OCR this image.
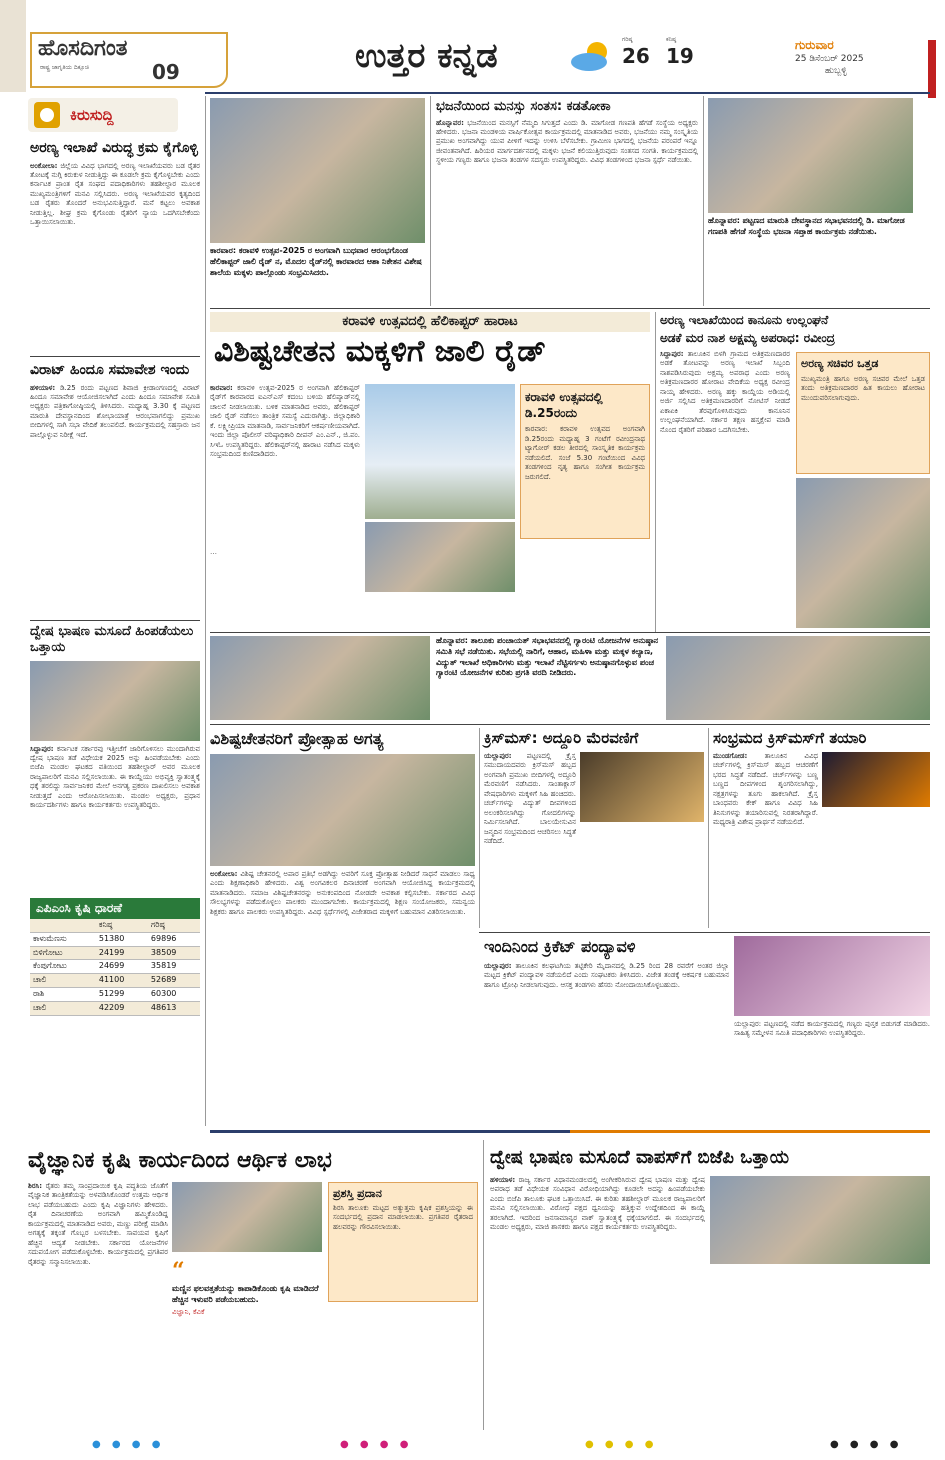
ಹೊಸದಿಗಂತ
ರಾಷ್ಟ್ರ ಜಾಗೃತಿಯ ದಿಕ್ಸೂಚಿ	09	ಉತ್ತರ ಕನ್ನಡ	ಗರಿಷ್ಠ
26
ಕನಿಷ್ಠ
19	ಗುರುವಾರ
25 ಡಿಸೆಂಬರ್ 2025
ಹುಬ್ಬಳ್ಳಿ
ಕಿರುಸುದ್ದಿ
ಅರಣ್ಯ ಇಲಾಖೆ ವಿರುದ್ಧ ಕ್ರಮ ಕೈಗೊಳ್ಳಿ
ಅಂಕೋಲಾ: ಜಿಲ್ಲೆಯ ವಿವಿಧ ಭಾಗದಲ್ಲಿ ಅರಣ್ಯ ಇಲಾಖೆಯವರು ಬಡ ರೈತರ ತೋಟಕ್ಕೆ ನುಗ್ಗಿ ಕಿರುಕುಳ ನೀಡುತ್ತಿದ್ದು ಈ ಕೂಡಲೇ ಕ್ರಮ ಕೈಗೊಳ್ಳಬೇಕು ಎಂದು ಕರ್ನಾಟಕ ಪ್ರಾಂತ ರೈತ ಸಂಘದ ಪದಾಧಿಕಾರಿಗಳು ತಹಶೀಲ್ದಾರ ಮೂಲಕ ಮುಖ್ಯಮಂತ್ರಿಗಳಿಗೆ ಮನವಿ ಸಲ್ಲಿಸಿದರು. ಅರಣ್ಯ ಇಲಾಖೆಯವರ ಕೃತ್ಯದಿಂದ ಬಡ ರೈತರು ತೊಂದರೆ ಅನುಭವಿಸುತ್ತಿದ್ದಾರೆ. ಮನೆ ಕಟ್ಟಲು ಅವಕಾಶ ನೀಡುತ್ತಿಲ್ಲ. ಶೀಘ್ರ ಕ್ರಮ ಕೈಗೊಂಡು ರೈತರಿಗೆ ನ್ಯಾಯ ಒದಗಿಸಬೇಕೆಂದು ಒತ್ತಾಯಿಸಲಾಯಿತು.
ವಿರಾಟ್ ಹಿಂದೂ ಸಮಾವೇಶ ಇಂದು
ಹಳಿಯಾಳ: ಡಿ.25 ರಂದು ಪಟ್ಟಣದ ಶಿವಾಜಿ ಕ್ರೀಡಾಂಗಣದಲ್ಲಿ ವಿರಾಟ್ ಹಿಂದೂ ಸಮಾವೇಶ ಆಯೋಜಿಸಲಾಗಿದೆ ಎಂದು ಹಿಂದೂ ಸಮಾವೇಶ ಸಮಿತಿ ಅಧ್ಯಕ್ಷರು ಪತ್ರಿಕಾಗೋಷ್ಠಿಯಲ್ಲಿ ತಿಳಿಸಿದರು. ಮಧ್ಯಾಹ್ನ 3.30 ಕ್ಕೆ ಪಟ್ಟಣದ ಮಾರುತಿ ದೇವಸ್ಥಾನದಿಂದ ಶೋಭಾಯಾತ್ರೆ ಆರಂಭವಾಗಲಿದ್ದು ಪ್ರಮುಖ ಬೀದಿಗಳಲ್ಲಿ ಸಾಗಿ ಸಭಾ ವೇದಿಕೆ ತಲುಪಲಿದೆ. ಕಾರ್ಯಕ್ರಮದಲ್ಲಿ ಸಹಸ್ರಾರು ಜನ ಪಾಲ್ಗೊಳ್ಳುವ ನಿರೀಕ್ಷೆ ಇದೆ.
ದ್ವೇಷ ಭಾಷಣ ಮಸೂದೆ ಹಿಂಪಡೆಯಲು ಒತ್ತಾಯ
ಸಿದ್ದಾಪುರ: ಕರ್ನಾಟಕ ಸರ್ಕಾರವು ಇತ್ತೀಚೆಗೆ ಜಾರಿಗೊಳಿಸಲು ಮುಂದಾಗಿರುವ ದ್ವೇಷ ಭಾಷಣ ತಡೆ ವಿಧೇಯಕ 2025 ಅನ್ನು ಹಿಂಪಡೆಯಬೇಕು ಎಂದು ಬಿಜೆಪಿ ಮಂಡಲ ಘಟಕದ ವತಿಯಿಂದ ತಹಶೀಲ್ದಾರ್ ಅವರ ಮೂಲಕ ರಾಜ್ಯಪಾಲರಿಗೆ ಮನವಿ ಸಲ್ಲಿಸಲಾಯಿತು. ಈ ಕಾಯ್ದೆಯು ಅಭಿವ್ಯಕ್ತಿ ಸ್ವಾತಂತ್ರ್ಯಕ್ಕೆ ಧಕ್ಕೆ ತರಲಿದ್ದು ಸಾರ್ವಜನಿಕರ ಮೇಲೆ ಅನಗತ್ಯ ಪ್ರಕರಣ ದಾಖಲಿಸಲು ಅವಕಾಶ ನೀಡುತ್ತದೆ ಎಂದು ಆರೋಪಿಸಲಾಯಿತು. ಮಂಡಲ ಅಧ್ಯಕ್ಷರು, ಪ್ರಧಾನ ಕಾರ್ಯದರ್ಶಿಗಳು ಹಾಗೂ ಕಾರ್ಯಕರ್ತರು ಉಪಸ್ಥಿತರಿದ್ದರು.
ಎಪಿಎಂಸಿ ಕೃಷಿ ಧಾರಣೆ
	ಕನಿಷ್ಠ	ಗರಿಷ್ಠ
ಕಾಳುಮೆಣಸು	51380	69896
ಬಿಳಿಗೋಟು	24199	38509
ಕೆಂಪುಗೋಟು	24699	35819
ಚಾಲಿ	41100	52689
ರಾಶಿ	51299	60300
ಚಾಲಿ	42209	48613
ಕಾರವಾರ: ಕರಾವಳಿ ಉತ್ಸವ-2025 ರ ಅಂಗವಾಗಿ ಬುಧವಾರ ಆರಂಭಗೊಂಡ ಹೆಲಿಕಾಪ್ಟರ್ ಜಾಲಿ ರೈಡ್ ನ, ಮೊದಲ ರೈಡ್‌ನಲ್ಲಿ ಕಾರವಾರದ ಆಶಾ ನಿಕೇತನ ವಿಶೇಷ ಶಾಲೆಯ ಮಕ್ಕಳು ಪಾಲ್ಗೊಂಡು ಸಂಭ್ರಮಿಸಿದರು.
ಭಜನೆಯಿಂದ ಮನಸ್ಸು ಸಂತಸ: ಕಡತೋಕಾ
ಹೊನ್ನಾವರ: ಭಜನೆಯಿಂದ ಮನಸ್ಸಿಗೆ ನೆಮ್ಮದಿ ಸಿಗುತ್ತದೆ ಎಂದು ಡಿ. ಮಾಗೋಡ ಗಣಪತಿ ಹೆಗಡೆ ಸಂಸ್ಥೆಯ ಅಧ್ಯಕ್ಷರು ಹೇಳಿದರು. ಭಜನಾ ಮಂಡಳಿಯ ವಾರ್ಷಿಕೋತ್ಸವ ಕಾರ್ಯಕ್ರಮದಲ್ಲಿ ಮಾತನಾಡಿದ ಅವರು, ಭಜನೆಯು ನಮ್ಮ ಸಂಸ್ಕೃತಿಯ ಪ್ರಮುಖ ಅಂಗವಾಗಿದ್ದು ಯುವ ಪೀಳಿಗೆ ಇದನ್ನು ಉಳಿಸಿ ಬೆಳೆಸಬೇಕು. ಗ್ರಾಮೀಣ ಭಾಗದಲ್ಲಿ ಭಜನೆಯ ಪರಂಪರೆ ಇನ್ನೂ ಜೀವಂತವಾಗಿದೆ. ಹಿರಿಯರ ಮಾರ್ಗದರ್ಶನದಲ್ಲಿ ಮಕ್ಕಳು ಭಜನೆ ಕಲಿಯುತ್ತಿರುವುದು ಸಂತಸದ ಸಂಗತಿ. ಕಾರ್ಯಕ್ರಮದಲ್ಲಿ ಸ್ಥಳೀಯ ಗಣ್ಯರು ಹಾಗೂ ಭಜನಾ ತಂಡಗಳ ಸದಸ್ಯರು ಉಪಸ್ಥಿತರಿದ್ದರು. ವಿವಿಧ ತಂಡಗಳಿಂದ ಭಜನಾ ಸ್ಪರ್ಧೆ ನಡೆಯಿತು.
ಹೊನ್ನಾವರ: ಪಟ್ಟಣದ ಮಾರುತಿ ದೇವಸ್ಥಾನದ ಸಭಾಭವನದಲ್ಲಿ ಡಿ. ಮಾಗೋಡ ಗಣಪತಿ ಹೆಗಡೆ ಸಂಸ್ಥೆಯ ಭಜನಾ ಸಪ್ತಾಹ ಕಾರ್ಯಕ್ರಮ ನಡೆಯಿತು.
ಕರಾವಳಿ ಉತ್ಸವದಲ್ಲಿ ಹೆಲಿಕಾಪ್ಟರ್ ಹಾರಾಟ
ವಿಶಿಷ್ಟಚೇತನ ಮಕ್ಕಳಿಗೆ ಜಾಲಿ ರೈಡ್
ಕಾರವಾರ: ಕರಾವಳಿ ಉತ್ಸವ-2025 ರ ಅಂಗವಾಗಿ ಹೆಲಿಕಾಪ್ಟರ್ ರೈಡ್‌ಗೆ ಕಾರವಾರದ ಐಎನ್‌ಎಸ್ ಕದಂಬ ಬಳಿಯ ಹೆಲಿಪ್ಯಾಡ್‌ನಲ್ಲಿ ಚಾಲನೆ ನೀಡಲಾಯಿತು. ಬಳಿಕ ಮಾತನಾಡಿದ ಅವರು, ಹೆಲಿಕಾಪ್ಟರ್ ಜಾಲಿ ರೈಡ್ ನಡೆಸಲು ತಾಂತ್ರಿಕ ಸಮಸ್ಯೆ ಎದುರಾಗಿತ್ತು. ಜಿಲ್ಲಾಧಿಕಾರಿ ಕೆ. ಲಕ್ಷ್ಮೀಪ್ರಿಯಾ ಮಾತನಾಡಿ, ಸಾರ್ವಜನಿಕರಿಗೆ ಆಕರ್ಷಣೀಯವಾಗಿದೆ. ಇಂದು ಜಿಲ್ಲಾ ಪೊಲೀಸ್ ವರಿಷ್ಠಾಧಿಕಾರಿ ದೀಪನ್ ಎಂ.ಎನ್., ಜಿ.ಪಂ. ಸಿಇಓ ಉಪಸ್ಥಿತರಿದ್ದರು. ಹೆಲಿಕಾಪ್ಟರ್‌ನಲ್ಲಿ ಹಾರಾಟ ನಡೆಸಿದ ಮಕ್ಕಳು ಸಂಭ್ರಮದಿಂದ ಕುಣಿದಾಡಿದರು.
ಕರಾವಳಿ ಉತ್ಸವದಲ್ಲಿ ಡಿ.25ರಂದು
ಕಾರವಾರ: ಕರಾವಳಿ ಉತ್ಸವದ ಅಂಗವಾಗಿ ಡಿ.25ರಂದು ಮಧ್ಯಾಹ್ನ 3 ಗಂಟೆಗೆ ರವೀಂದ್ರನಾಥ ಟ್ಯಾಗೋರ್ ಕಡಲ ತೀರದಲ್ಲಿ ಸಾಂಸ್ಕೃತಿಕ ಕಾರ್ಯಕ್ರಮ ನಡೆಯಲಿದೆ. ಸಂಜೆ 5.30 ಗಂಟೆಯಿಂದ ವಿವಿಧ ತಂಡಗಳಿಂದ ನೃತ್ಯ ಹಾಗೂ ಸಂಗೀತ ಕಾರ್ಯಕ್ರಮ ಜರುಗಲಿದೆ.
…
ಅರಣ್ಯ ಇಲಾಖೆಯಿಂದ ಕಾನೂನು ಉಲ್ಲಂಘನೆ
ಅಡಕೆ ಮರ ನಾಶ ಅಕ್ಷಮ್ಯ ಅಪರಾಧ: ರವೀಂದ್ರ
ಸಿದ್ದಾಪುರ: ತಾಲೂಕಿನ ಬಿಳಗಿ ಗ್ರಾಮದ ಅತಿಕ್ರಮಣದಾರರ ಅಡಕೆ ತೋಟವನ್ನು ಅರಣ್ಯ ಇಲಾಖೆ ಸಿಬ್ಬಂದಿ ನಾಶಪಡಿಸಿರುವುದು ಅಕ್ಷಮ್ಯ ಅಪರಾಧ ಎಂದು ಅರಣ್ಯ ಅತಿಕ್ರಮಣದಾರರ ಹೋರಾಟ ವೇದಿಕೆಯ ಅಧ್ಯಕ್ಷ ರವೀಂದ್ರ ನಾಯ್ಕ ಹೇಳಿದರು. ಅರಣ್ಯ ಹಕ್ಕು ಕಾಯ್ದೆಯ ಅಡಿಯಲ್ಲಿ ಅರ್ಜಿ ಸಲ್ಲಿಸಿದ ಅತಿಕ್ರಮಣದಾರರಿಗೆ ನೋಟಿಸ್ ನೀಡದೆ ಏಕಾಏಕಿ ತೆರವುಗೊಳಿಸಿರುವುದು ಕಾನೂನಿನ ಉಲ್ಲಂಘನೆಯಾಗಿದೆ. ಸರ್ಕಾರ ತಕ್ಷಣ ಹಸ್ತಕ್ಷೇಪ ಮಾಡಿ ನೊಂದ ರೈತರಿಗೆ ಪರಿಹಾರ ಒದಗಿಸಬೇಕು.
ಅರಣ್ಯ ಸಚಿವರ ಒತ್ತಡ
ಮುಖ್ಯಮಂತ್ರಿ ಹಾಗೂ ಅರಣ್ಯ ಸಚಿವರ ಮೇಲೆ ಒತ್ತಡ ತಂದು ಅತಿಕ್ರಮಣದಾರರ ಹಿತ ಕಾಯಲು ಹೋರಾಟ ಮುಂದುವರಿಸಲಾಗುವುದು.
ಹೊನ್ನಾವರ: ತಾಲೂಕು ಪಂಚಾಯತ್ ಸಭಾಭವನದಲ್ಲಿ ಗ್ಯಾರಂಟಿ ಯೋಜನೆಗಳ ಅನುಷ್ಠಾನ ಸಮಿತಿ ಸಭೆ ನಡೆಯಿತು. ಸಭೆಯಲ್ಲಿ ನಾರಿಗೆ, ಆಹಾರ, ಮಹಿಳಾ ಮತ್ತು ಮಕ್ಕಳ ಕಲ್ಯಾಣ, ವಿದ್ಯುತ್ ಇಲಾಖೆ ಅಧಿಕಾರಿಗಳು ಮತ್ತು ಇಲಾಖೆ ನೆಟ್ಟಿಸರ್ಗಳು ಅನುಷ್ಠಾನಗೊಳ್ಳುವ ಪಂಚ ಗ್ಯಾರಂಟಿ ಯೋಜನೆಗಳ ಕುರಿತು ಪ್ರಗತಿ ವರದಿ ನೀಡಿದರು.
ವಿಶಿಷ್ಟಚೇತನರಿಗೆ ಪ್ರೋತ್ಸಾಹ ಅಗತ್ಯ
ಅಂಕೋಲಾ: ವಿಶಿಷ್ಟ ಚೇತನರಲ್ಲಿ ಅಪಾರ ಪ್ರತಿಭೆ ಅಡಗಿದ್ದು ಅವರಿಗೆ ಸೂಕ್ತ ಪ್ರೋತ್ಸಾಹ ನೀಡಿದರೆ ಸಾಧನೆ ಮಾಡಲು ಸಾಧ್ಯ ಎಂದು ಶಿಕ್ಷಣಾಧಿಕಾರಿ ಹೇಳಿದರು. ವಿಶ್ವ ಅಂಗವಿಕಲರ ದಿನಾಚರಣೆ ಅಂಗವಾಗಿ ಆಯೋಜಿಸಿದ್ದ ಕಾರ್ಯಕ್ರಮದಲ್ಲಿ ಮಾತನಾಡಿದರು. ಸಮಾಜ ವಿಶಿಷ್ಟಚೇತನರನ್ನು ಅನುಕಂಪದಿಂದ ನೋಡದೇ ಅವಕಾಶ ಕಲ್ಪಿಸಬೇಕು. ಸರ್ಕಾರದ ವಿವಿಧ ಸೌಲಭ್ಯಗಳನ್ನು ಪಡೆದುಕೊಳ್ಳಲು ಪಾಲಕರು ಮುಂದಾಗಬೇಕು. ಕಾರ್ಯಕ್ರಮದಲ್ಲಿ ಶಿಕ್ಷಣ ಸಂಯೋಜಕರು, ಸಮನ್ವಯ ಶಿಕ್ಷಕರು ಹಾಗೂ ಪಾಲಕರು ಉಪಸ್ಥಿತರಿದ್ದರು. ವಿವಿಧ ಸ್ಪರ್ಧೆಗಳಲ್ಲಿ ವಿಜೇತರಾದ ಮಕ್ಕಳಿಗೆ ಬಹುಮಾನ ವಿತರಿಸಲಾಯಿತು.
ಕ್ರಿಸ್‌ಮಸ್: ಅದ್ದೂರಿ ಮೆರವಣಿಗೆ
ಯಲ್ಲಾಪುರ: ಪಟ್ಟಣದಲ್ಲಿ ಕ್ರೈಸ್ತ ಸಮುದಾಯದವರು ಕ್ರಿಸ್‌ಮಸ್ ಹಬ್ಬದ ಅಂಗವಾಗಿ ಪ್ರಮುಖ ಬೀದಿಗಳಲ್ಲಿ ಅದ್ದೂರಿ ಮೆರವಣಿಗೆ ನಡೆಸಿದರು. ಸಾಂತಾಕ್ಲಾಸ್ ವೇಷಧಾರಿಗಳು ಮಕ್ಕಳಿಗೆ ಸಿಹಿ ಹಂಚಿದರು. ಚರ್ಚ್‌ಗಳನ್ನು ವಿದ್ಯುತ್ ದೀಪಗಳಿಂದ ಅಲಂಕರಿಸಲಾಗಿದ್ದು ಗೋದಲಿಗಳನ್ನು ನಿರ್ಮಿಸಲಾಗಿದೆ. ಬಾಲಯೇಸುವಿನ ಜನ್ಮದಿನ ಸಂಭ್ರಮದಿಂದ ಆಚರಿಸಲು ಸಿದ್ಧತೆ ನಡೆದಿದೆ.
ಸಂಭ್ರಮದ ಕ್ರಿಸ್‌ಮಸ್‌ಗೆ ತಯಾರಿ
ಮುಂಡಗೋಡ: ತಾಲೂಕಿನ ವಿವಿಧ ಚರ್ಚ್‌ಗಳಲ್ಲಿ ಕ್ರಿಸ್‌ಮಸ್ ಹಬ್ಬದ ಆಚರಣೆಗೆ ಭರದ ಸಿದ್ಧತೆ ನಡೆದಿದೆ. ಚರ್ಚ್‌ಗಳನ್ನು ಬಣ್ಣ ಬಣ್ಣದ ದೀಪಗಳಿಂದ ಶೃಂಗರಿಸಲಾಗಿದ್ದು, ನಕ್ಷತ್ರಗಳನ್ನು ತೂಗು ಹಾಕಲಾಗಿದೆ. ಕ್ರೈಸ್ತ ಬಾಂಧವರು ಕೇಕ್ ಹಾಗೂ ವಿವಿಧ ಸಿಹಿ ತಿನಿಸುಗಳನ್ನು ತಯಾರಿಸುವಲ್ಲಿ ನಿರತರಾಗಿದ್ದಾರೆ. ಮಧ್ಯರಾತ್ರಿ ವಿಶೇಷ ಪ್ರಾರ್ಥನೆ ನಡೆಯಲಿದೆ.
ಇಂದಿನಿಂದ ಕ್ರಿಕೆಟ್ ಪಂದ್ಯಾವಳಿ
ಯಲ್ಲಾಪುರ: ತಾಲೂಕಿನ ಕಲಘಟಗಿಯ ತಟ್ಟಿಕೇರಿ ಮೈದಾನದಲ್ಲಿ ಡಿ.25 ರಿಂದ 28 ರವರೆಗೆ ಅಂತರ ಜಿಲ್ಲಾ ಮಟ್ಟದ ಕ್ರಿಕೆಟ್ ಪಂದ್ಯಾವಳಿ ನಡೆಯಲಿದೆ ಎಂದು ಸಂಘಟಕರು ತಿಳಿಸಿದರು. ವಿಜೇತ ತಂಡಕ್ಕೆ ಆಕರ್ಷಕ ಬಹುಮಾನ ಹಾಗೂ ಟ್ರೋಫಿ ನೀಡಲಾಗುವುದು. ಆಸಕ್ತ ತಂಡಗಳು ಹೆಸರು ನೋಂದಾಯಿಸಿಕೊಳ್ಳಬಹುದು.
ಯಲ್ಲಾಪುರ: ಪಟ್ಟಣದಲ್ಲಿ ನಡೆದ ಕಾರ್ಯಕ್ರಮದಲ್ಲಿ ಗಣ್ಯರು ಪುಸ್ತಕ ಬಿಡುಗಡೆ ಮಾಡಿದರು. ಸಾಹಿತ್ಯ ಸಮ್ಮೇಳನ ಸಮಿತಿ ಪದಾಧಿಕಾರಿಗಳು ಉಪಸ್ಥಿತರಿದ್ದರು.
ವೈಜ್ಞಾನಿಕ ಕೃಷಿ ಕಾರ್ಯದಿಂದ ಆರ್ಥಿಕ ಲಾಭ
ಶಿರಸಿ: ರೈತರು ತಮ್ಮ ಸಾಂಪ್ರದಾಯಿಕ ಕೃಷಿ ಪದ್ಧತಿಯ ಜೊತೆಗೆ ವೈಜ್ಞಾನಿಕ ತಾಂತ್ರಿಕತೆಯನ್ನು ಅಳವಡಿಸಿಕೊಂಡರೆ ಉತ್ತಮ ಆರ್ಥಿಕ ಲಾಭ ಪಡೆಯಬಹುದು ಎಂದು ಕೃಷಿ ವಿಜ್ಞಾನಿಗಳು ಹೇಳಿದರು. ರೈತ ದಿನಾಚರಣೆಯ ಅಂಗವಾಗಿ ಹಮ್ಮಿಕೊಂಡಿದ್ದ ಕಾರ್ಯಕ್ರಮದಲ್ಲಿ ಮಾತನಾಡಿದ ಅವರು, ಮಣ್ಣು ಪರೀಕ್ಷೆ ಮಾಡಿಸಿ ಅಗತ್ಯಕ್ಕೆ ತಕ್ಕಂತೆ ಗೊಬ್ಬರ ಬಳಸಬೇಕು. ಸಾವಯವ ಕೃಷಿಗೆ ಹೆಚ್ಚಿನ ಆದ್ಯತೆ ನೀಡಬೇಕು. ಸರ್ಕಾರದ ಯೋಜನೆಗಳ ಸದುಪಯೋಗ ಪಡೆದುಕೊಳ್ಳಬೇಕು. ಕಾರ್ಯಕ್ರಮದಲ್ಲಿ ಪ್ರಗತಿಪರ ರೈತರನ್ನು ಸನ್ಮಾನಿಸಲಾಯಿತು.	“
ಮಣ್ಣಿನ ಫಲವತ್ತತೆಯನ್ನು ಕಾಪಾಡಿಕೊಂಡು ಕೃಷಿ ಮಾಡಿದರೆ ಹೆಚ್ಚಿನ ಇಳುವರಿ ಪಡೆಯಬಹುದು.
ವಿಜ್ಞಾನಿ, ಕೆವಿಕೆ
ಪ್ರಶಸ್ತಿ ಪ್ರದಾನ
ಶಿರಸಿ ತಾಲೂಕು ಮಟ್ಟದ ಅತ್ಯುತ್ತಮ ಕೃಷಿಕ ಪ್ರಶಸ್ತಿಯನ್ನು ಈ ಸಂದರ್ಭದಲ್ಲಿ ಪ್ರದಾನ ಮಾಡಲಾಯಿತು. ಪ್ರಗತಿಪರ ರೈತರಾದ ಹಲವರನ್ನು ಗೌರವಿಸಲಾಯಿತು.
ದ್ವೇಷ ಭಾಷಣ ಮಸೂದೆ ವಾಪಸ್‌ಗೆ ಬಿಜೆಪಿ ಒತ್ತಾಯ
ಹಳಿಯಾಳ: ರಾಜ್ಯ ಸರ್ಕಾರ ವಿಧಾನಮಂಡಲದಲ್ಲಿ ಅಂಗೀಕರಿಸಿರುವ ದ್ವೇಷ ಭಾಷಣ ಮತ್ತು ದ್ವೇಷ ಅಪರಾಧ ತಡೆ ವಿಧೇಯಕ ಸಂವಿಧಾನ ವಿರೋಧಿಯಾಗಿದ್ದು ಕೂಡಲೇ ಅದನ್ನು ಹಿಂಪಡೆಯಬೇಕು ಎಂದು ಬಿಜೆಪಿ ತಾಲೂಕು ಘಟಕ ಒತ್ತಾಯಿಸಿದೆ. ಈ ಕುರಿತು ತಹಶೀಲ್ದಾರ್ ಮೂಲಕ ರಾಜ್ಯಪಾಲರಿಗೆ ಮನವಿ ಸಲ್ಲಿಸಲಾಯಿತು. ವಿರೋಧ ಪಕ್ಷದ ಧ್ವನಿಯನ್ನು ಹತ್ತಿಕ್ಕುವ ಉದ್ದೇಶದಿಂದ ಈ ಕಾಯ್ದೆ ತರಲಾಗಿದೆ. ಇದರಿಂದ ಜನಸಾಮಾನ್ಯರ ವಾಕ್ ಸ್ವಾತಂತ್ರ್ಯಕ್ಕೆ ಧಕ್ಕೆಯಾಗಲಿದೆ. ಈ ಸಂದರ್ಭದಲ್ಲಿ ಮಂಡಲ ಅಧ್ಯಕ್ಷರು, ಮಾಜಿ ಶಾಸಕರು ಹಾಗೂ ಪಕ್ಷದ ಕಾರ್ಯಕರ್ತರು ಉಪಸ್ಥಿತರಿದ್ದರು.
● ● ● ●	● ● ● ●	● ● ● ●	● ● ● ●
